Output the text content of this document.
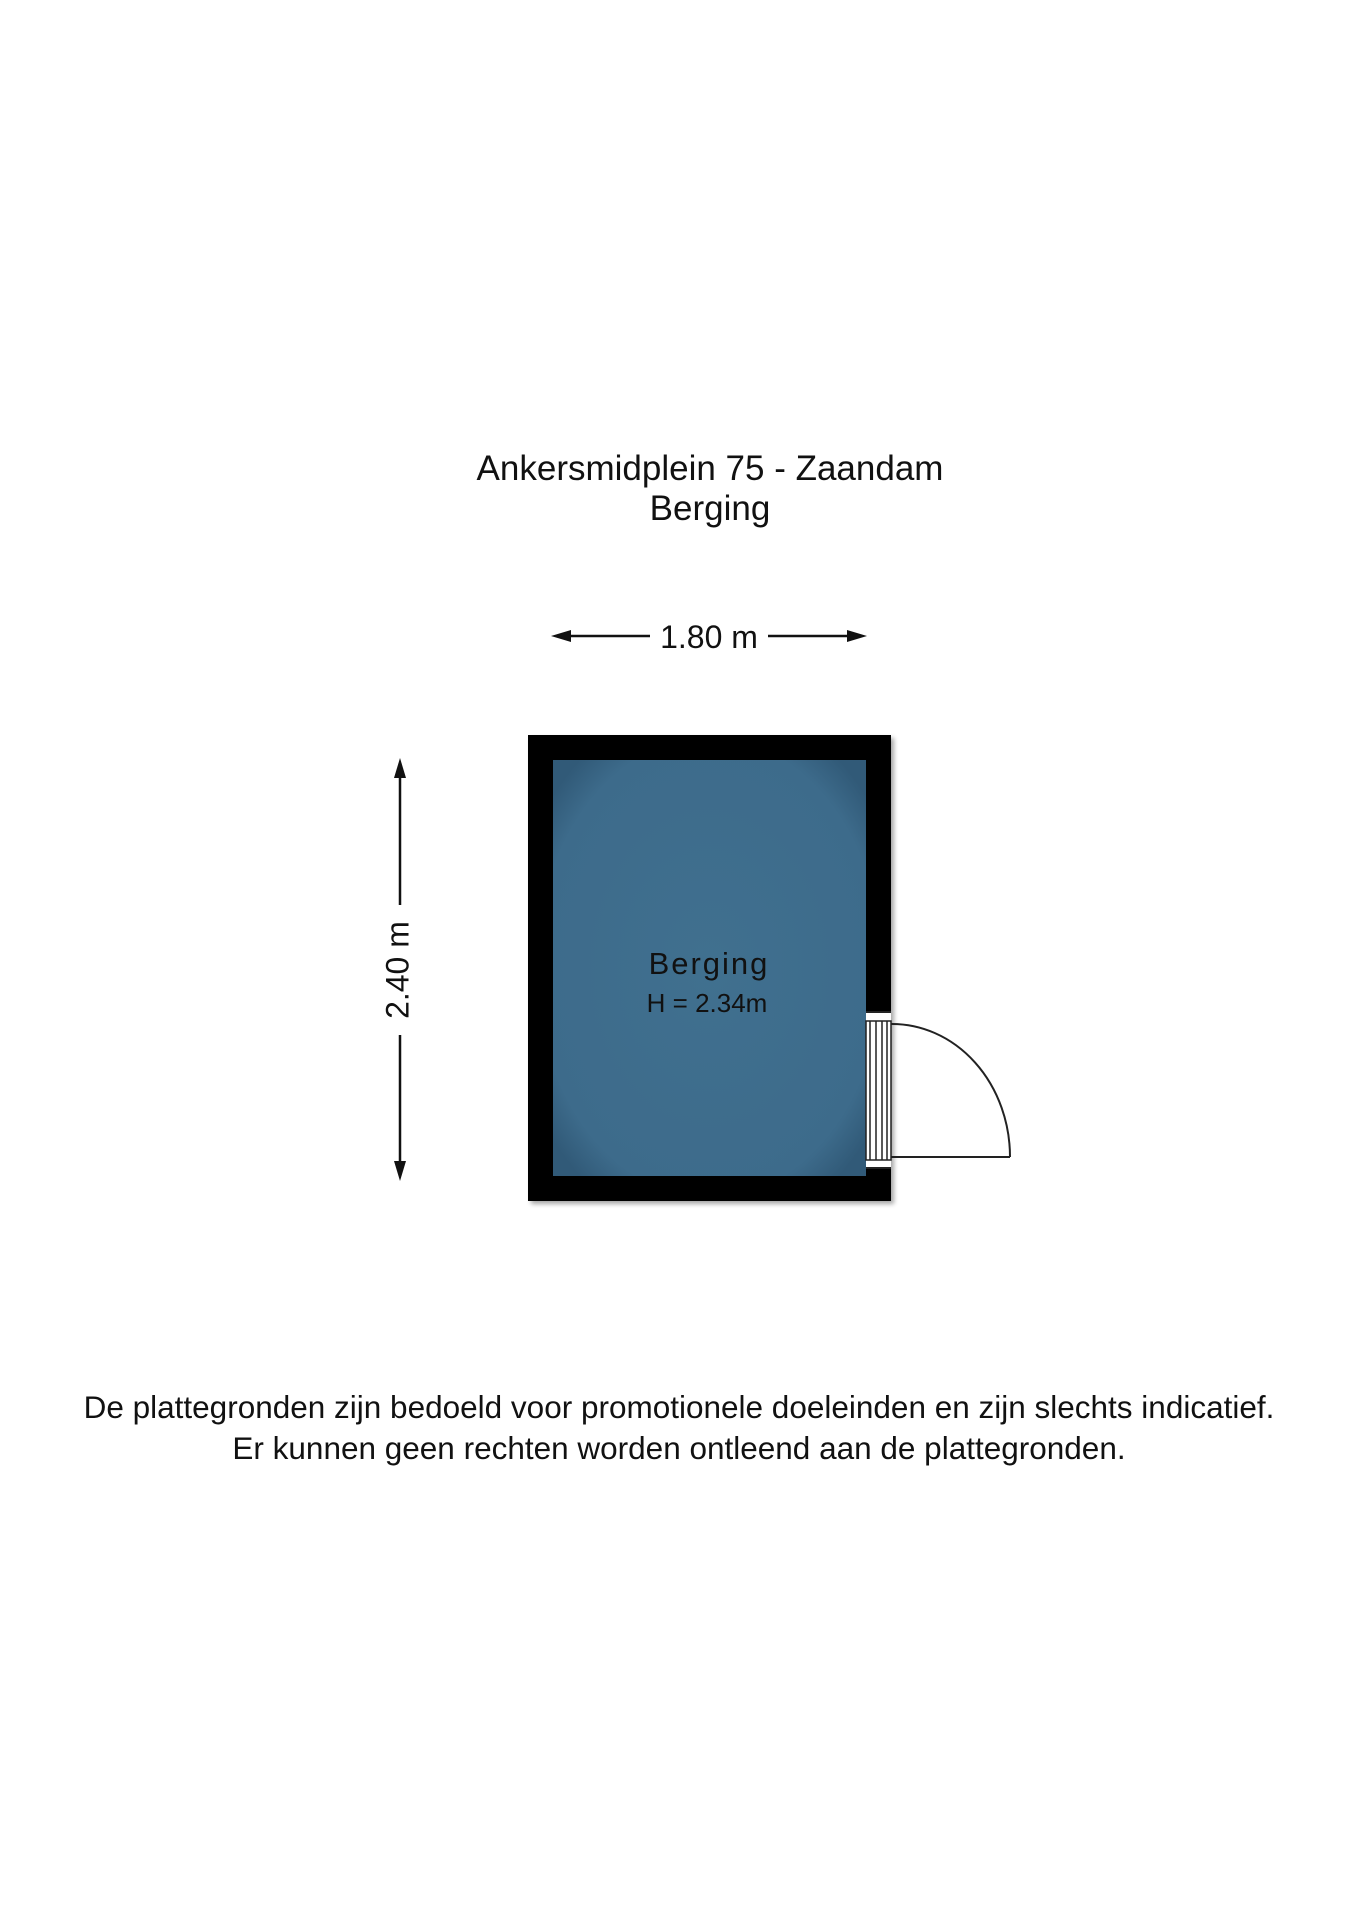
Ankersmidplein 75 - Zaandam
Berging
1.80 m
2.40 m	Berging
H = 2.34m
De plattegronden zijn bedoeld voor promotionele doeleinden en zijn slechts indicatief.
Er kunnen geen rechten worden ontleend aan de plattegronden.
